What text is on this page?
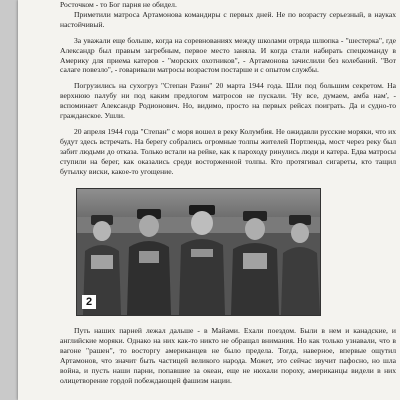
Росточком - то Бог парня не обидел.

Приметили матроса Артамонова командиры с первых дней. Не по возрасту серьезный, в науках настойчивый.

За уважали еще больше, когда на соревнованиях между школами отряда шлюпка - "шестерка", где Александр был правым загребным, первое место заняла. И когда стали набирать спецкоманду в Америку для приема катеров - "морских охотников", - Артамонова зачислили без колебаний. "Вот салаге повезло", - говаривали матросы возрастом постарше и с опытом службы.

Погрузились на сухогруз "Степан Разин" 20 марта 1944 года. Шли под большим секретом. На верхнюю палубу ни под каким предлогом матросов не пускали. 'Ну все, думаем, амба нам', - вспоминает Александр Родионович. Но, видимо, просто на первых рейсах поиграть. Да и судно-то гражданское. Ушли.

20 апреля 1944 года "Степан" с моря вошел в реку Колумбия. Не ожидавли русские моряки, что их будут здесь встречать. На берегу собрались огромные толпы жителей Портленда, мост через реку был забит людьми до отказа. Только встали на рейке, как к пароходу ринулись люди и катера. Едва матросы ступили на берег, как оказались среди восторженной толпы. Кто протягивал сигареты, кто тащил бутылку виски, какое-то угощение.

2

Путь наших парней лежал дальше - в Майами. Ехали поездом. Были в нем и канадские, и английские моряки. Однако на них как-то никто не обращал внимания. Но как только узнавали, что в вагоне "рашен", то восторгу американцев не было предела. Тогда, наверное, впервые ощутил Артамонов, что значит быть частицей великого народа. Может, это сейчас звучит пафосно, но шла война, и пусть наши парни, попавшие за океан, еще не нюхали пороху, американцы видели в них олицетворение гордой побеждающей фашизм нации.
